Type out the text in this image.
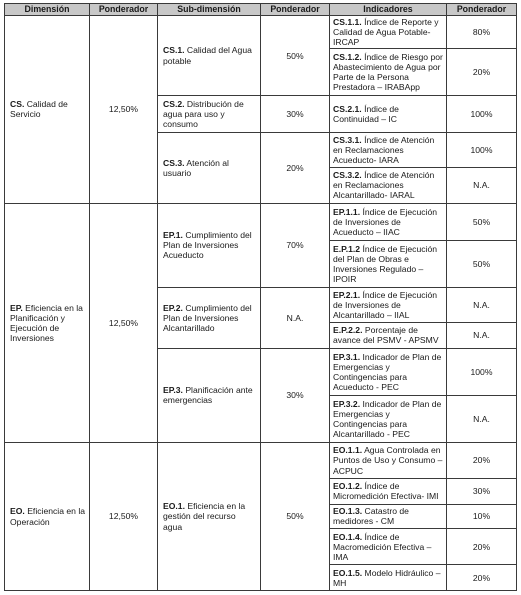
Dimensión	Ponderador	Sub-dimensión	Ponderador	Indicadores	Ponderador
CS. Calidad de Servicio	12,50%	CS.1. Calidad del Agua potable	50%	CS.1.1. Índice de Reporte y Calidad de Agua Potable- IRCAP	80%
				CS.1.2. Índice de Riesgo por Abastecimiento de Agua por Parte de la Persona Prestadora – IRABApp	20%
		CS.2. Distribución de agua para uso y consumo	30%	CS.2.1. Índice de Continuidad – IC	100%
		CS.3. Atención al usuario	20%	CS.3.1. Índice de Atención en Reclamaciones Acueducto- IARA	100%
				CS.3.2. Índice de Atención en Reclamaciones Alcantarillado- IARAL	N.A.
EP. Eficiencia en la Planificación y Ejecución de Inversiones	12,50%	EP.1. Cumplimiento del Plan de Inversiones Acueducto	70%	EP.1.1. Índice de Ejecución de Inversiones de Acueducto – IIAC	50%
				E.P.1.2 Índice de Ejecución del Plan de Obras e Inversiones Regulado – IPOIR	50%
		EP.2. Cumplimiento del Plan de Inversiones Alcantarillado	N.A.	EP.2.1. Índice de Ejecución de Inversiones de Alcantarillado – IIAL	N.A.
				E.P.2.2. Porcentaje de avance del PSMV - APSMV	N.A.
		EP.3. Planificación ante emergencias	30%	EP.3.1. Indicador de Plan de Emergencias y Contingencias para Acueducto - PEC	100%
				EP.3.2. Indicador de Plan de Emergencias y Contingencias para Alcantarillado - PEC	N.A.
EO. Eficiencia en la Operación	12,50%	EO.1. Eficiencia en la gestión del recurso agua	50%	EO.1.1. Agua Controlada en Puntos de Uso y Consumo –ACPUC	20%
				EO.1.2. Índice de Micromedición Efectiva- IMI	30%
				EO.1.3. Catastro de medidores - CM	10%
				EO.1.4. Índice de Macromedición Efectiva – IMA	20%
				EO.1.5. Modelo Hidráulico – MH	20%
